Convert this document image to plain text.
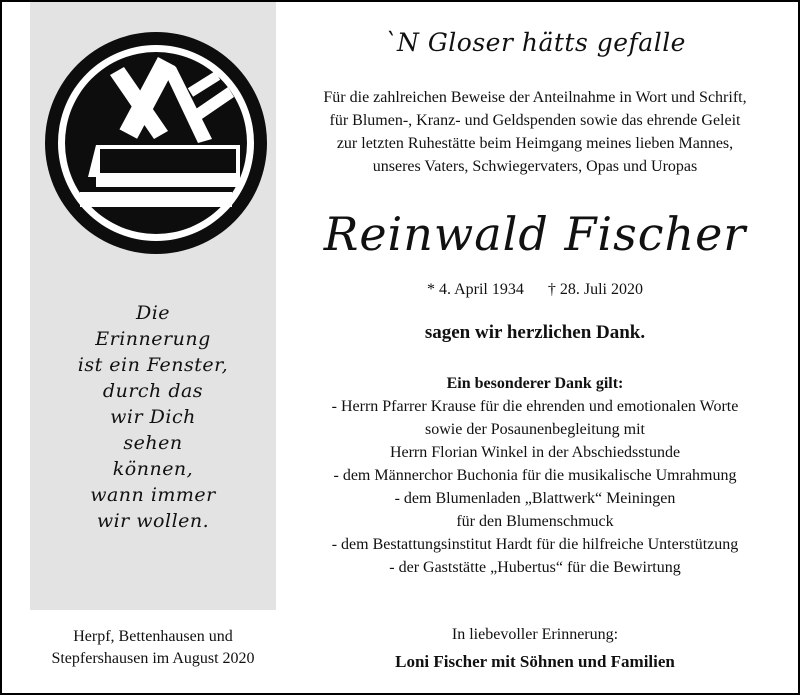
Die
Erinnerung
ist ein Fenster,
durch das
wir Dich
sehen
können,
wann immer
wir wollen.
Herpf, Bettenhausen und
Stepfershausen im August 2020
`N Gloser hätts gefalle
Für die zahlreichen Beweise der Anteilnahme in Wort und Schrift,
für Blumen-, Kranz- und Geldspenden sowie das ehrende Geleit
zur letzten Ruhestätte beim Heimgang meines lieben Mannes,
unseres Vaters, Schwiegervaters, Opas und Uropas
Reinwald Fischer
* 4. April 1934 † 28. Juli 2020
sagen wir herzlichen Dank.
Ein besonderer Dank gilt:
- Herrn Pfarrer Krause für die ehrenden und emotionalen Worte
sowie der Posaunenbegleitung mit
Herrn Florian Winkel in der Abschiedsstunde
- dem Männerchor Buchonia für die musikalische Umrahmung
- dem Blumenladen „Blattwerk“ Meiningen
für den Blumenschmuck
- dem Bestattungsinstitut Hardt für die hilfreiche Unterstützung
- der Gaststätte „Hubertus“ für die Bewirtung
In liebevoller Erinnerung:
Loni Fischer mit Söhnen und Familien
